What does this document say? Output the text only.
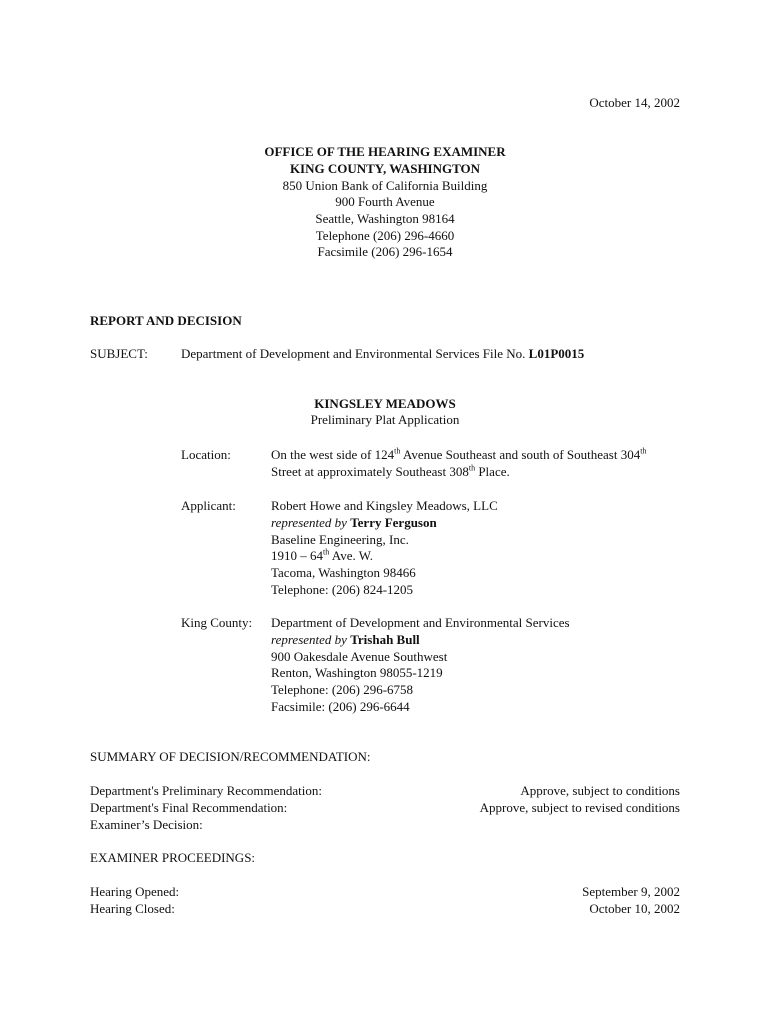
October 14, 2002
OFFICE OF THE HEARING EXAMINER
KING COUNTY, WASHINGTON
850 Union Bank of California Building
900 Fourth Avenue
Seattle, Washington 98164
Telephone (206) 296-4660
Facsimile (206) 296-1654
REPORT AND DECISION
SUBJECT:	Department of Development and Environmental Services File No. L01P0015
KINGSLEY MEADOWS
Preliminary Plat Application
Location:	On the west side of 124th Avenue Southeast and south of Southeast 304th
Street at approximately Southeast 308th Place.
Applicant:	Robert Howe and Kingsley Meadows, LLC
represented by Terry Ferguson
Baseline Engineering, Inc.
1910 – 64th Ave. W.
Tacoma, Washington 98466
Telephone: (206) 824-1205
King County: Department of Development and Environmental Services
represented by Trishah Bull
900 Oakesdale Avenue Southwest
Renton, Washington 98055-1219
Telephone: (206) 296-6758
Facsimile: (206) 296-6644
SUMMARY OF DECISION/RECOMMENDATION:
Department's Preliminary Recommendation:	Approve, subject to conditions
Department's Final Recommendation:	Approve, subject to revised conditions
Examiner’s Decision:
EXAMINER PROCEEDINGS:
Hearing Opened:	September 9, 2002
Hearing Closed:	October 10, 2002
